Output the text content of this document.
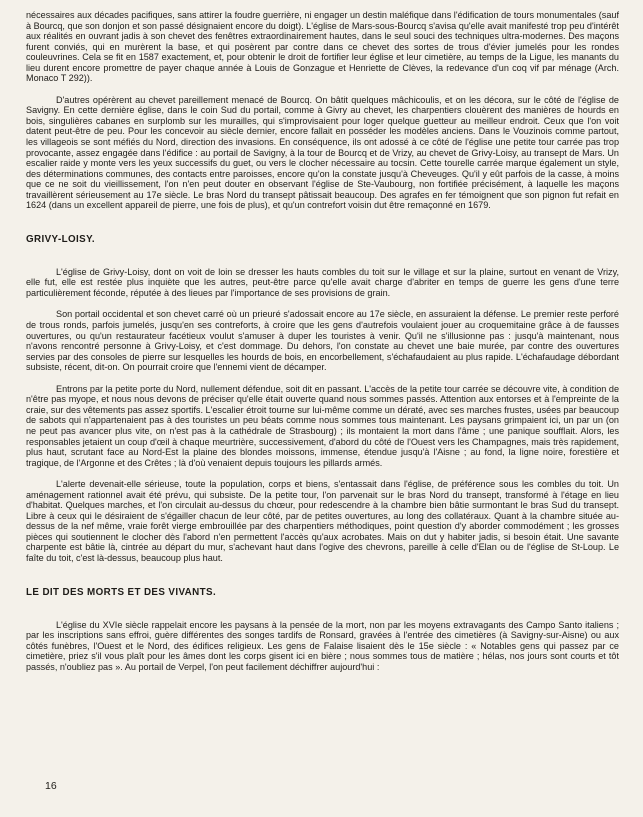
nécessaires aux décades pacifiques, sans attirer la foudre guerrière, ni engager un destin maléfique dans l'édification de tours monumentales (sauf à Bourcq, que son donjon et son passé désignaient encore du doigt). L'église de Mars-sous-Bourcq s'avisa qu'elle avait manifesté trop peu d'intérêt aux réalités en ouvrant jadis à son chevet des fenêtres extraordinairement hautes, dans le seul souci des techniques ultra-modernes. Des maçons furent conviés, qui en murèrent la base, et qui posèrent par contre dans ce chevet des sortes de trous d'évier jumelés pour les rondes couleuvrines. Cela se fit en 1587 exactement, et, pour obtenir le droit de fortifier leur église et leur cimetière, au temps de la Ligue, les manants du lieu durent encore promettre de payer chaque année à Louis de Gonzague et Henriette de Clèves, la redevance d'un coq vif par ménage (Arch. Monaco T 292)).

D'autres opérèrent au chevet pareillement menacé de Bourcq. On bâtit quelques mâchicoulis, et on les décora, sur le côté de l'église de Savigny. En cette dernière église, dans le coin Sud du portail, comme à Givry au chevet, les charpentiers clouèrent des manières de hourds en bois, singulières cabanes en surplomb sur les murailles, qui s'improvisaient pour loger quelque guetteur au meilleur endroit. Ceux que l'on voit datent peut-être de peu. Pour les concevoir au siècle dernier, encore fallait en posséder les modèles anciens. Dans le Vouzinois comme partout, les villageois se sont méfiés du Nord, direction des invasions. En conséquence, ils ont adossé à ce côté de l'église une petite tour carrée pas trop provocante, assez engagée dans l'édifice : au portail de Savigny, à la tour de Bourcq et de Vrizy, au chevet de Grivy-Loisy, au transept de Mars. Un escalier raide y monte vers les yeux successifs du guet, ou vers le clocher nécessaire au tocsin. Cette tourelle carrée marque également un style, des déterminations communes, des contacts entre paroisses, encore qu'on la constate jusqu'à Cheveuges. Qu'il y eût parfois de la casse, à moins que ce ne soit du vieillissement, l'on n'en peut douter en observant l'église de Ste-Vaubourg, non fortifiée précisément, à laquelle les maçons travaillèrent sérieusement au 17e siècle. Le bras Nord du transept pâtissait beaucoup. Des agrafes en fer témoignent que son pignon fut refait en 1624 (dans un excellent appareil de pierre, une fois de plus), et qu'un contrefort voisin dut être remaçonné en 1679.

GRIVY-LOISY.

L'église de Grivy-Loisy, dont on voit de loin se dresser les hauts combles du toit sur le village et sur la plaine, surtout en venant de Vrizy, elle fut, elle est restée plus inquiète que les autres, peut-être parce qu'elle avait charge d'abriter en temps de guerre les gens d'une terre particulièrement féconde, réputée à des lieues par l'importance de ses provisions de grain.

Son portail occidental et son chevet carré où un prieuré s'adossait encore au 17e siècle, en assuraient la défense. Le premier reste perforé de trous ronds, parfois jumelés, jusqu'en ses contreforts, à croire que les gens d'autrefois voulaient jouer au croquemitaine grâce à de fausses ouvertures, ou qu'un restaurateur facétieux voulut s'amuser à duper les touristes à venir. Qu'il ne s'illusionne pas : jusqu'à maintenant, nous n'avons rencontré personne à Grivy-Loisy, et c'est dommage. Du dehors, l'on constate au chevet une baie murée, par contre des ouvertures servies par des consoles de pierre sur lesquelles les hourds de bois, en encorbellement, s'échafaudaient au plus rapide. L'échafaudage débordant subsiste, récent, dit-on. On pourrait croire que l'ennemi vient de décamper.

Entrons par la petite porte du Nord, nullement défendue, soit dit en passant. L'accès de la petite tour carrée se découvre vite, à condition de n'être pas myope, et nous nous devons de préciser qu'elle était ouverte quand nous sommes passés. Attention aux entorses et à l'empreinte de la craie, sur des vêtements pas assez sportifs. L'escalier étroit tourne sur lui-même comme un dératé, avec ses marches frustes, usées par beaucoup de sabots qui n'appartenaient pas à des touristes un peu béats comme nous sommes tous maintenant. Les paysans grimpaient ici, un par un (on ne peut pas avancer plus vite, on n'est pas à la cathédrale de Strasbourg) ; ils montaient la mort dans l'âme ; une panique soufflait. Alors, les responsables jetaient un coup d'œil à chaque meurtrière, successivement, d'abord du côté de l'Ouest vers les Champagnes, mais très rapidement, plus haut, scrutant face au Nord-Est la plaine des blondes moissons, immense, étendue jusqu'à l'Aisne ; au fond, la ligne noire, forestière et tragique, de l'Argonne et des Crêtes ; là d'où venaient depuis toujours les pillards armés.

L'alerte devenait-elle sérieuse, toute la population, corps et biens, s'entassait dans l'église, de préférence sous les combles du toit. Un aménagement rationnel avait été prévu, qui subsiste. De la petite tour, l'on parvenait sur le bras Nord du transept, transformé à l'étage en lieu d'habitat. Quelques marches, et l'on circulait au-dessus du chœur, pour redescendre à la chambre bien bâtie surmontant le bras Sud du transept. Libre à ceux qui le désiraient de s'égailler chacun de leur côté, par de petites ouvertures, au long des collatéraux. Quant à la chambre située au-dessus de la nef même, vraie forêt vierge embrouillée par des charpentiers méthodiques, point question d'y aborder commodément ; les grosses pièces qui soutiennent le clocher dès l'abord n'en permettent l'accès qu'aux acrobates. Mais on dut y habiter jadis, si besoin était. Une savante charpente est bâtie là, cintrée au départ du mur, s'achevant haut dans l'ogive des chevrons, pareille à celle d'Elan ou de l'église de St-Loup. Le faîte du toit, c'est là-dessus, beaucoup plus haut.

LE DIT DES MORTS ET DES VIVANTS.

L'église du XVIe siècle rappelait encore les paysans à la pensée de la mort, non par les moyens extravagants des Campo Santo italiens ; par les inscriptions sans effroi, guère différentes des songes tardifs de Ronsard, gravées à l'entrée des cimetières (à Savigny-sur-Aisne) ou aux côtés funèbres, l'Ouest et le Nord, des édifices religieux. Les gens de Falaise lisaient dès le 15e siècle : « Notables gens qui passez par ce cimetière, priez s'il vous plaît pour les âmes dont les corps gisent ici en bière ; nous sommes tous de matière ; hélas, nos jours sont courts et tôt passés, n'oubliez pas ». Au portail de Verpel, l'on peut facilement déchiffrer aujourd'hui :

16
